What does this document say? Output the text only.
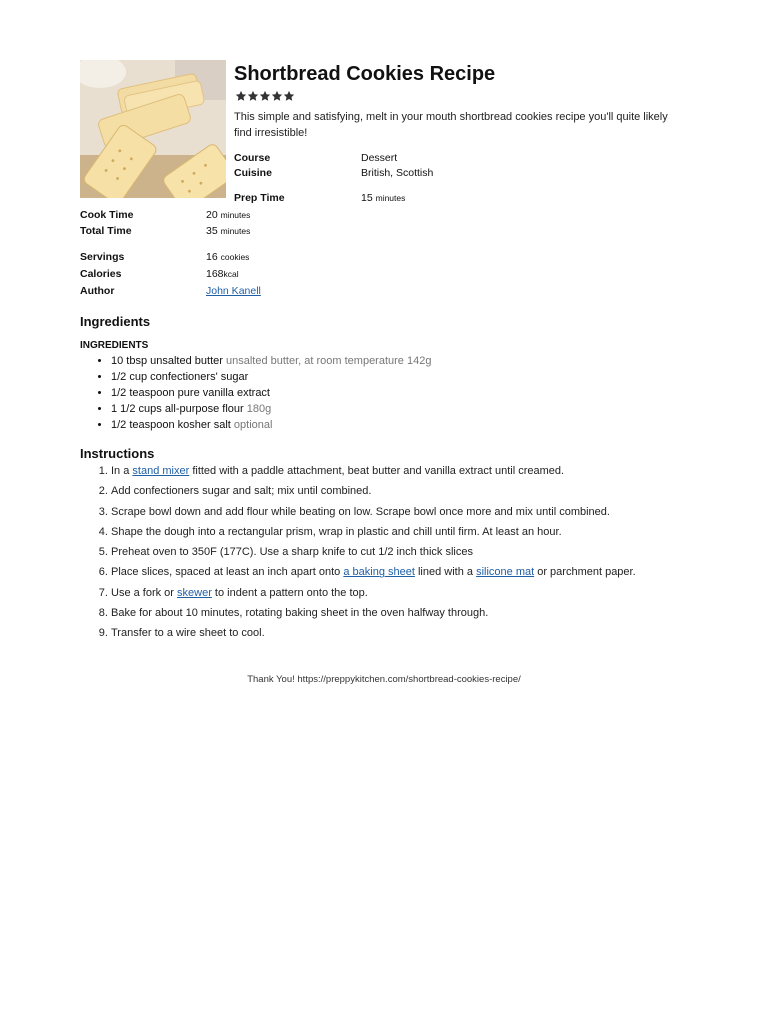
Shortbread Cookies Recipe

This simple and satisfying, melt in your mouth shortbread cookies recipe you'll quite likely find irresistible!

Course	Dessert
Cuisine	British, Scottish
Prep Time	15 minutes
Cook Time	20 minutes
Total Time	35 minutes
Servings	16 cookies
Calories	168kcal
Author	John Kanell
Ingredients
INGREDIENTS
• 10 tbsp unsalted butter unsalted butter, at room temperature 142g
• 1/2 cup confectioners' sugar
• 1/2 teaspoon pure vanilla extract
• 1 1/2 cups all-purpose flour 180g
• 1/2 teaspoon kosher salt optional
Instructions
1. In a stand mixer fitted with a paddle attachment, beat butter and vanilla extract until creamed.
2. Add confectioners sugar and salt; mix until combined.
3. Scrape bowl down and add flour while beating on low. Scrape bowl once more and mix until combined.
4. Shape the dough into a rectangular prism, wrap in plastic and chill until firm. At least an hour.
5. Preheat oven to 350F (177C). Use a sharp knife to cut 1/2 inch thick slices
6. Place slices, spaced at least an inch apart onto a baking sheet lined with a silicone mat or parchment paper.
7. Use a fork or skewer to indent a pattern onto the top.
8. Bake for about 10 minutes, rotating baking sheet in the oven halfway through.
9. Transfer to a wire sheet to cool.

Thank You! https://preppykitchen.com/shortbread-cookies-recipe/
